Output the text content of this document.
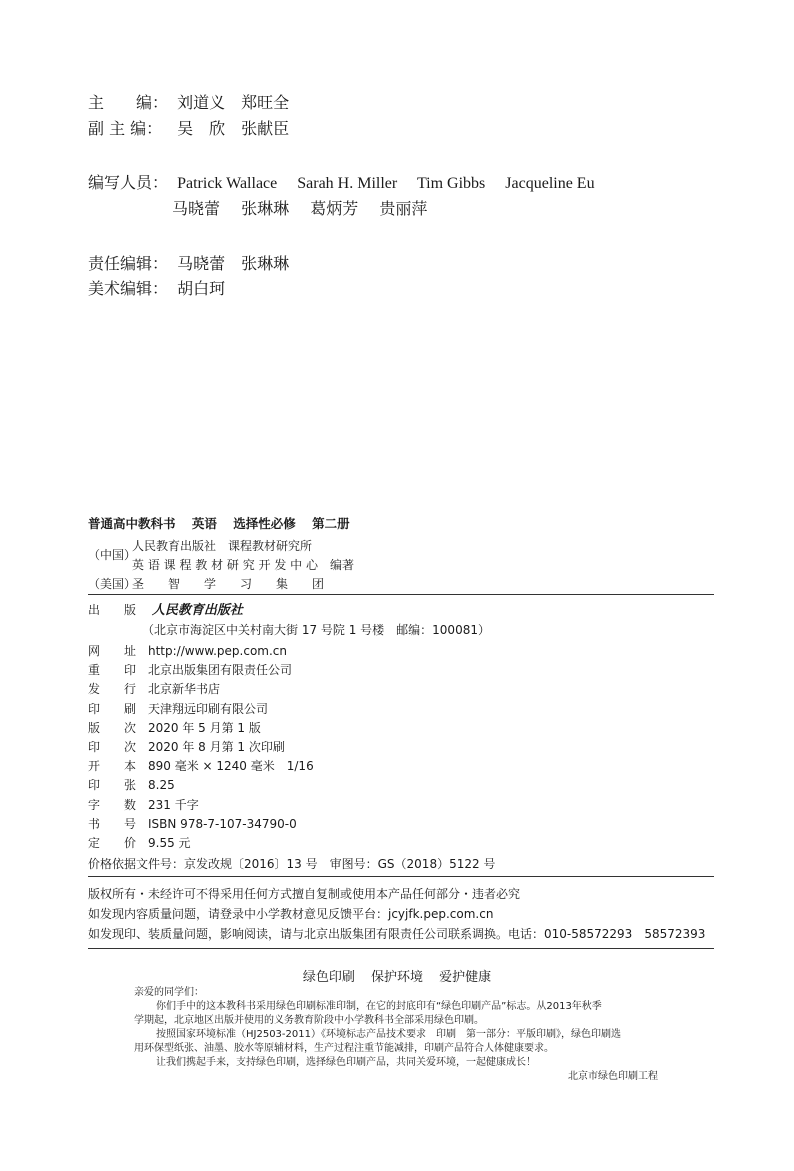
主　　编： 刘道义 郑旺全
副 主 编： 吴　欣 张献臣
编写人员： Patrick Wallace Sarah H. Miller Tim Gibbs Jacqueline Eu
马晓蕾 张琳琳 葛炳芳 贵丽萍
责任编辑： 马晓蕾 张琳琳
美术编辑： 胡白珂
普通高中教科书 英语 选择性必修 第二册
（中国）
人民教育出版社　课程教材研究所
英 语 课 程 教 材 研 究 开 发 中 心　编著
（美国）
圣　　智　　学　　习　　集　　团
出　　版 人民教育出版社
（北京市海淀区中关村南大街 17 号院 1 号楼　邮编：100081）
网　　址 http://www.pep.com.cn
重　　印 北京出版集团有限责任公司
发　　行 北京新华书店
印　　刷 天津翔远印刷有限公司
版　　次 2020 年 5 月第 1 版
印　　次 2020 年 8 月第 1 次印刷
开　　本 890 毫米 × 1240 毫米　1/16
印　　张 8.25
字　　数 231 千字
书　　号 ISBN 978-7-107-34790-0
定　　价 9.55 元
价格依据文件号：京发改规〔2016〕13 号　审图号：GS（2018）5122 号
版权所有・未经许可不得采用任何方式擅自复制或使用本产品任何部分・违者必究
如发现内容质量问题，请登录中小学教材意见反馈平台：jcyjfk.pep.com.cn
如发现印、装质量问题，影响阅读，请与北京出版集团有限责任公司联系调换。电话：010-58572293　58572393
绿色印刷 保护环境 爱护健康
亲爱的同学们：
你们手中的这本教科书采用绿色印刷标准印制，在它的封底印有“绿色印刷产品”标志。从2013年秋季
学期起，北京地区出版并使用的义务教育阶段中小学教科书全部采用绿色印刷。
按照国家环境标准（HJ2503-2011）《环境标志产品技术要求　印刷　第一部分：平版印刷》，绿色印刷选
用环保型纸张、油墨、胶水等原辅材料，生产过程注重节能减排，印刷产品符合人体健康要求。
让我们携起手来，支持绿色印刷，选择绿色印刷产品，共同关爱环境，一起健康成长！
北京市绿色印刷工程
